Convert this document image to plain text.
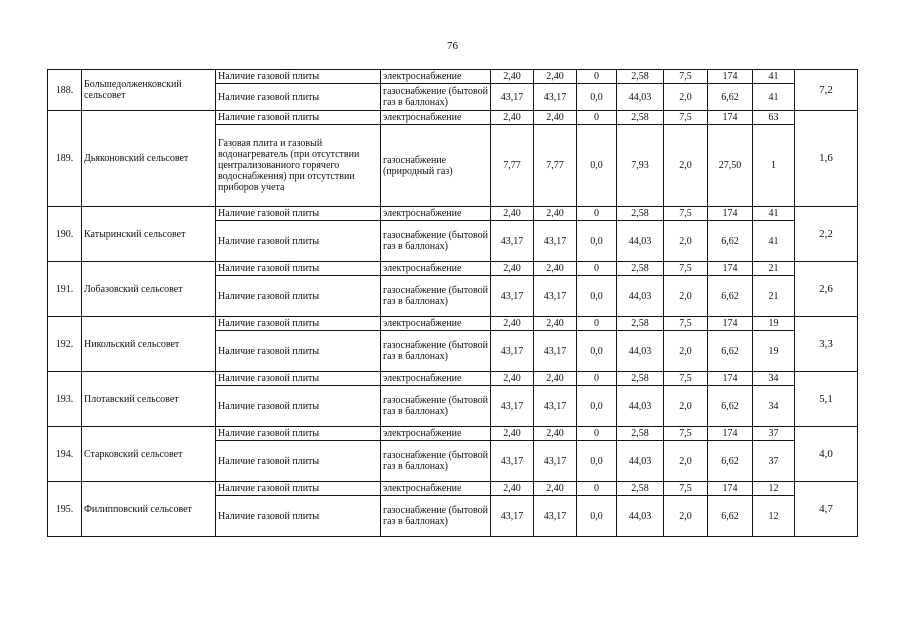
76
188.	Большедолженковский сельсовет	Наличие газовой плиты	электроснабжение	2,40	2,40	0	2,58	7,5	174	41	7,2
		Наличие газовой плиты	газоснабжение (бытовой газ в баллонах)	43,17	43,17	0,0	44,03	2,0	6,62	41	
189.	Дьяконовский сельсовет	Наличие газовой плиты	электроснабжение	2,40	2,40	0	2,58	7,5	174	63	1,6
		Газовая плита и газовый водонагреватель (при отсутствии централизованиого горячего водоснабжения) при отсутствии приборов учета	газоснабжение (природный газ)	7,77	7,77	0,0	7,93	2,0	27,50	1	
190.	Катыринский сельсовет	Наличие газовой плиты	электроснабжение	2,40	2,40	0	2,58	7,5	174	41	2,2
		Наличие газовой плиты	газоснабжение (бытовой газ в баллонах)	43,17	43,17	0,0	44,03	2,0	6,62	41	
191.	Лобазовский сельсовет	Наличие газовой плиты	электроснабжение	2,40	2,40	0	2,58	7,5	174	21	2,6
		Наличие газовой плиты	газоснабжение (бытовой газ в баллонах)	43,17	43,17	0,0	44,03	2,0	6,62	21	
192.	Никольский сельсовет	Наличие газовой плиты	электроснабжение	2,40	2,40	0	2,58	7,5	174	19	3,3
		Наличие газовой плиты	газоснабжение (бытовой газ в баллонах)	43,17	43,17	0,0	44,03	2,0	6,62	19	
193.	Плотавский сельсовет	Наличие газовой плиты	электроснабжение	2,40	2,40	0	2,58	7,5	174	34	5,1
		Наличие газовой плиты	газоснабжение (бытовой газ в баллонах)	43,17	43,17	0,0	44,03	2,0	6,62	34	
194.	Старковский сельсовет	Наличие газовой плиты	электроснабжение	2,40	2,40	0	2,58	7,5	174	37	4,0
		Наличие газовой плиты	газоснабжение (бытовой газ в баллонах)	43,17	43,17	0,0	44,03	2,0	6,62	37	
195.	Филипповский сельсовет	Наличие газовой плиты	электроснабжение	2,40	2,40	0	2,58	7,5	174	12	4,7
		Наличие газовой плиты	газоснабжение (бытовой газ в баллонах)	43,17	43,17	0,0	44,03	2,0	6,62	12	
